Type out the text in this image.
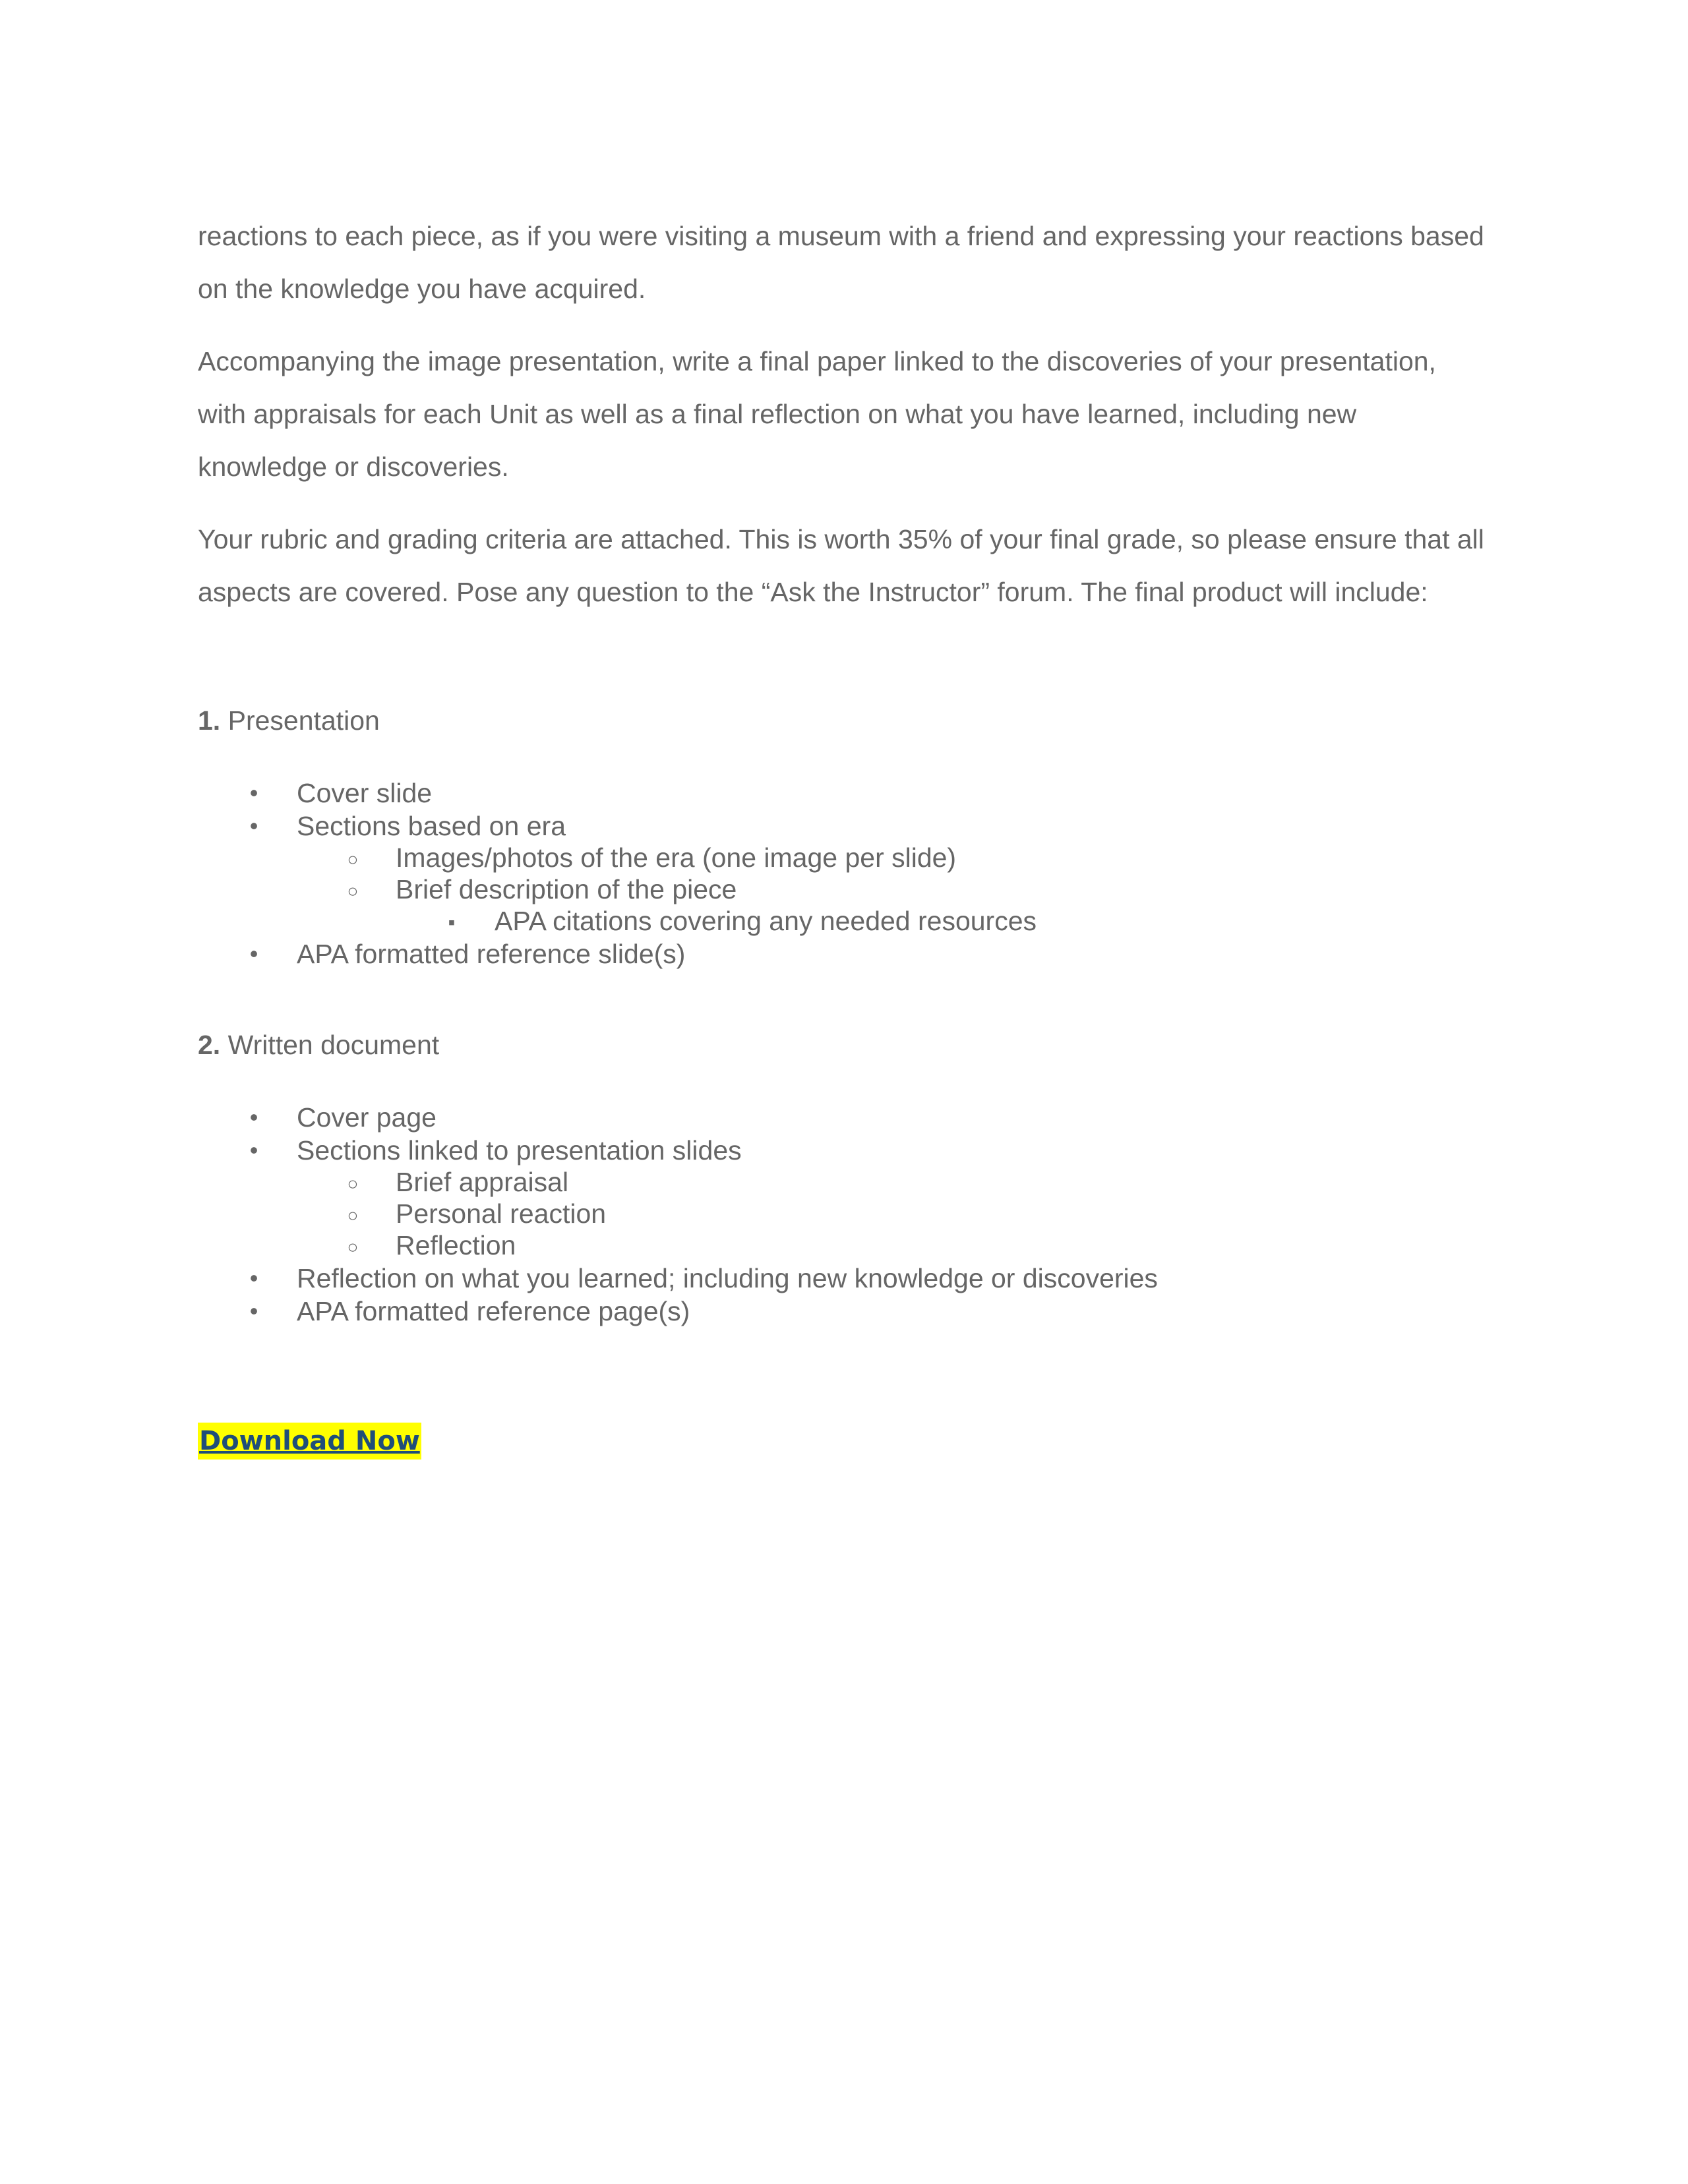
reactions to each piece, as if you were visiting a museum with a friend and expressing your reactions based on the knowledge you have acquired.

Accompanying the image presentation, write a final paper linked to the discoveries of your presentation, with appraisals for each Unit as well as a final reflection on what you have learned, including new knowledge or discoveries.

Your rubric and grading criteria are attached. This is worth 35% of your final grade, so please ensure that all aspects are covered. Pose any question to the “Ask the Instructor” forum. The final product will include:

1. Presentation

•
Cover slide
•
Sections based on era
○
Images/photos of the era (one image per slide)
○
Brief description of the piece
▪
APA citations covering any needed resources
•
APA formatted reference slide(s)

2. Written document

•
Cover page
•
Sections linked to presentation slides
○
Brief appraisal
○
Personal reaction
○
Reflection
•
Reflection on what you learned; including new knowledge or discoveries
•
APA formatted reference page(s)
Download Now
